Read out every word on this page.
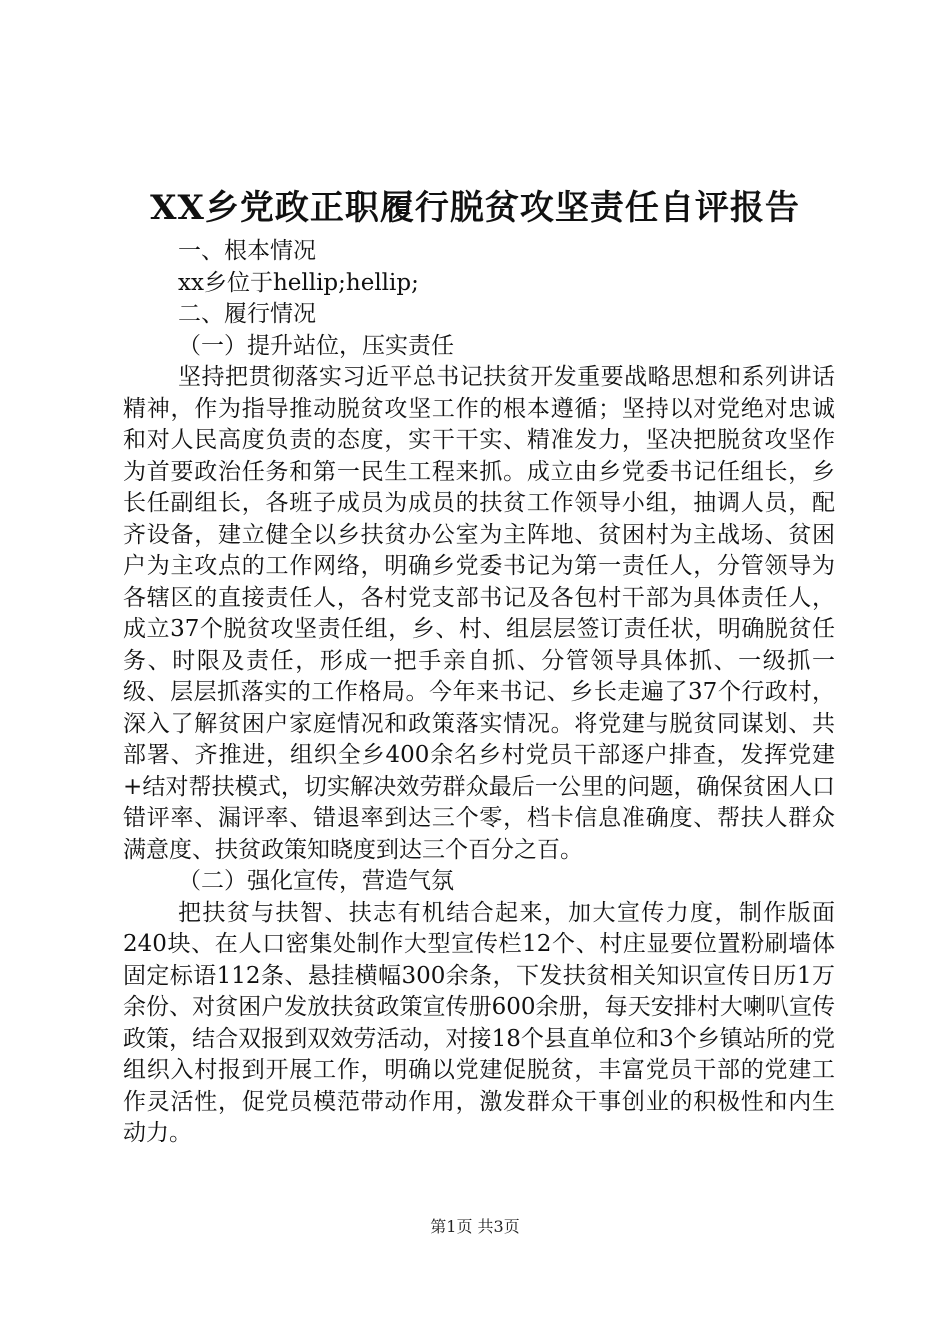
XX乡党政正职履行脱贫攻坚责任自评报告

一、根本情况

xx乡位于hellip;hellip;

二、履行情况

（一）提升站位，压实责任

坚持把贯彻落实习近平总书记扶贫开发重要战略思想和系列讲话精神，作为指导推动脱贫攻坚工作的根本遵循；坚持以对党绝对忠诚和对人民高度负责的态度，实干干实、精准发力，坚决把脱贫攻坚作为首要政治任务和第一民生工程来抓。成立由乡党委书记任组长，乡长任副组长，各班子成员为成员的扶贫工作领导小组，抽调人员，配齐设备，建立健全以乡扶贫办公室为主阵地、贫困村为主战场、贫困户为主攻点的工作网络，明确乡党委书记为第一责任人，分管领导为各辖区的直接责任人，各村党支部书记及各包村干部为具体责任人，成立37个脱贫攻坚责任组，乡、村、组层层签订责任状，明确脱贫任务、时限及责任，形成一把手亲自抓、分管领导具体抓、一级抓一级、层层抓落实的工作格局。今年来书记、乡长走遍了37个行政村，深入了解贫困户家庭情况和政策落实情况。将党建与脱贫同谋划、共部署、齐推进，组织全乡400余名乡村党员干部逐户排查，发挥党建+结对帮扶模式，切实解决效劳群众最后一公里的问题，确保贫困人口错评率、漏评率、错退率到达三个零，档卡信息准确度、帮扶人群众满意度、扶贫政策知晓度到达三个百分之百。

（二）强化宣传，营造气氛

把扶贫与扶智、扶志有机结合起来，加大宣传力度，制作版面240块、在人口密集处制作大型宣传栏12个、村庄显要位置粉刷墙体固定标语112条、悬挂横幅300余条，下发扶贫相关知识宣传日历1万余份、对贫困户发放扶贫政策宣传册600余册，每天安排村大喇叭宣传政策，结合双报到双效劳活动，对接18个县直单位和3个乡镇站所的党组织入村报到开展工作，明确以党建促脱贫，丰富党员干部的党建工作灵活性，促党员模范带动作用，激发群众干事创业的积极性和内生动力。

第1页 共3页
